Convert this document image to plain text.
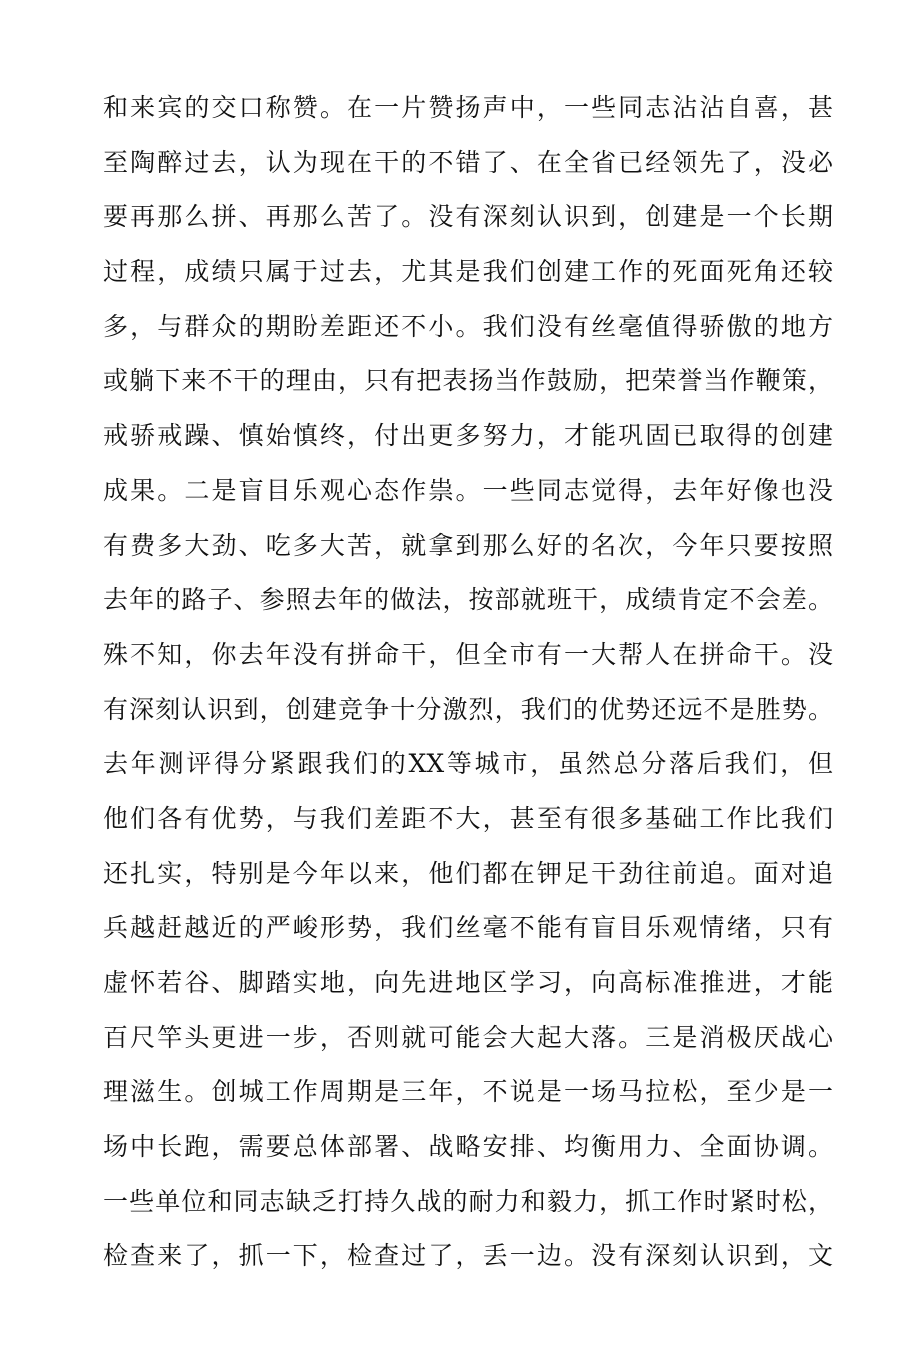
和来宾的交口称赞。在一片赞扬声中，一些同志沾沾自喜，甚
至陶醉过去，认为现在干的不错了、在全省已经领先了，没必
要再那么拼、再那么苦了。没有深刻认识到，创建是一个长期
过程，成绩只属于过去，尤其是我们创建工作的死面死角还较
多，与群众的期盼差距还不小。我们没有丝毫值得骄傲的地方
或躺下来不干的理由，只有把表扬当作鼓励，把荣誉当作鞭策，
戒骄戒躁、慎始慎终，付出更多努力，才能巩固已取得的创建
成果。二是盲目乐观心态作祟。一些同志觉得，去年好像也没
有费多大劲、吃多大苦，就拿到那么好的名次，今年只要按照
去年的路子、参照去年的做法，按部就班干，成绩肯定不会差。
殊不知，你去年没有拼命干，但全市有一大帮人在拼命干。没
有深刻认识到，创建竞争十分激烈，我们的优势还远不是胜势。
去年测评得分紧跟我们的XX等城市，虽然总分落后我们，但
他们各有优势，与我们差距不大，甚至有很多基础工作比我们
还扎实，特别是今年以来，他们都在钾足干劲往前追。面对追
兵越赶越近的严峻形势，我们丝毫不能有盲目乐观情绪，只有
虚怀若谷、脚踏实地，向先进地区学习，向高标准推进，才能
百尺竿头更进一步，否则就可能会大起大落。三是消极厌战心
理滋生。创城工作周期是三年，不说是一场马拉松，至少是一
场中长跑，需要总体部署、战略安排、均衡用力、全面协调。
一些单位和同志缺乏打持久战的耐力和毅力，抓工作时紧时松，
检查来了，抓一下，检查过了，丢一边。没有深刻认识到，文
